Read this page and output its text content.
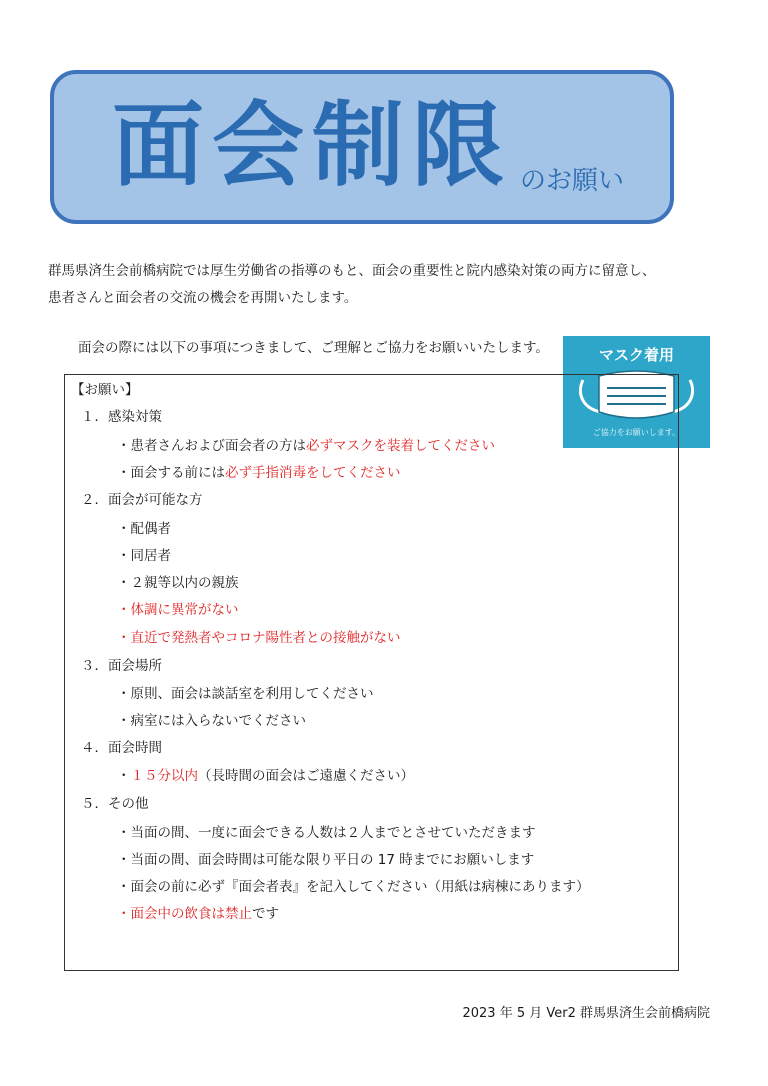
面会制限 のお願い

群馬県済生会前橋病院では厚生労働省の指導のもと、面会の重要性と院内感染対策の両方に留意し、

患者さんと面会者の交流の機会を再開いたします。

面会の際には以下の事項につきまして、ご理解とご協力をお願いいたします。	マスク着用
ご協力をお願いします。
【お願い】
１．感染対策
・患者さんおよび面会者の方は必ずマスクを装着してください
・面会する前には必ず手指消毒をしてください
２．面会が可能な方
・配偶者
・同居者
・２親等以内の親族
・体調に異常がない
・直近で発熱者やコロナ陽性者との接触がない
３．面会場所
・原則、面会は談話室を利用してください
・病室には入らないでください
４．面会時間
・１５分以内（長時間の面会はご遠慮ください）
５．その他
・当面の間、一度に面会できる人数は２人までとさせていただきます
・当面の間、面会時間は可能な限り平日の 17 時までにお願いします
・面会の前に必ず『面会者表』を記入してください（用紙は病棟にあります）
・面会中の飲食は禁止です
2023 年 5 月 Ver2 群馬県済生会前橋病院
